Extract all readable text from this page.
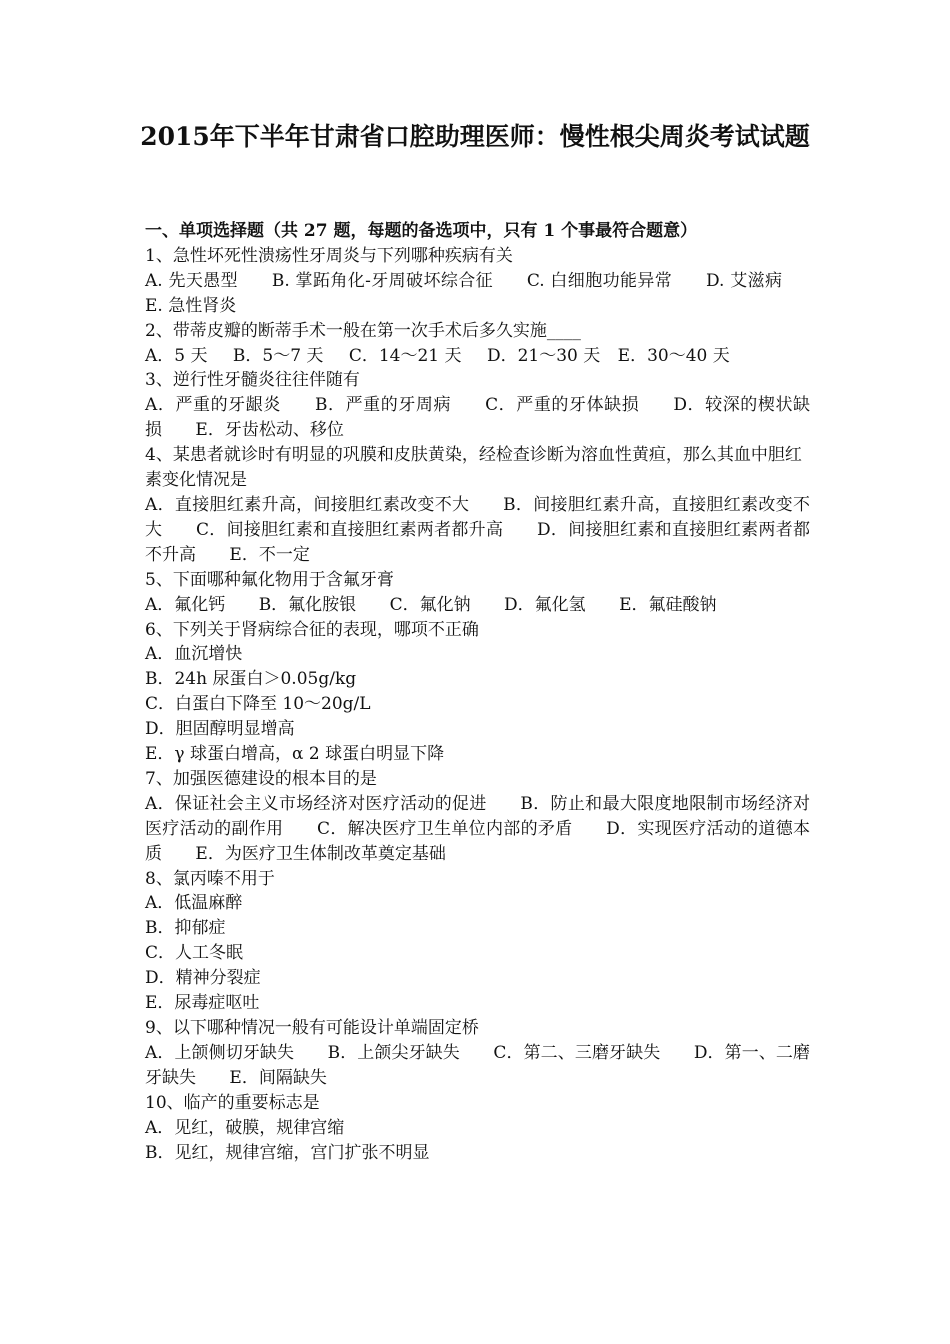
2015年下半年甘肃省口腔助理医师：慢性根尖周炎考试试题
一、单项选择题（共 27 题，每题的备选项中，只有 1 个事最符合题意）
1、急性坏死性溃疡性牙周炎与下列哪种疾病有关
A. 先天愚型 B. 掌跖角化-牙周破坏综合征 C. 白细胞功能异常 D. 艾滋病 E. 急性肾炎
2、带蒂皮瓣的断蒂手术一般在第一次手术后多久实施____
A．5 天 B．5～7 天 C．14～21 天 D．21～30 天 E．30～40 天
3、逆行性牙髓炎往往伴随有
A．严重的牙龈炎 B．严重的牙周病 C．严重的牙体缺损 D．较深的楔状缺损 E．牙齿松动、移位
4、某患者就诊时有明显的巩膜和皮肤黄染，经检查诊断为溶血性黄疸，那么其血中胆红素变化情况是
A．直接胆红素升高，间接胆红素改变不大 B．间接胆红素升高，直接胆红素改变不大 C．间接胆红素和直接胆红素两者都升高 D．间接胆红素和直接胆红素两者都不升高 E．不一定
5、下面哪种氟化物用于含氟牙膏
A．氟化钙 B．氟化胺银 C．氟化钠 D．氟化氢 E．氟硅酸钠
6、下列关于肾病综合征的表现，哪项不正确
A．血沉增快
B．24h 尿蛋白＞0.05g/kg
C．白蛋白下降至 10～20g/L
D．胆固醇明显增高
E．γ 球蛋白增高，α 2 球蛋白明显下降
7、加强医德建设的根本目的是
A．保证社会主义市场经济对医疗活动的促进 B．防止和最大限度地限制市场经济对医疗活动的副作用 C．解决医疗卫生单位内部的矛盾 D．实现医疗活动的道德本质 E．为医疗卫生体制改革奠定基础
8、氯丙嗪不用于
A．低温麻醉
B．抑郁症
C．人工冬眠
D．精神分裂症
E．尿毒症呕吐
9、以下哪种情况一般有可能设计单端固定桥
A．上颌侧切牙缺失 B．上颌尖牙缺失 C．第二、三磨牙缺失 D．第一、二磨牙缺失 E．间隔缺失
10、临产的重要标志是
A．见红，破膜，规律宫缩
B．见红，规律宫缩，宫门扩张不明显
